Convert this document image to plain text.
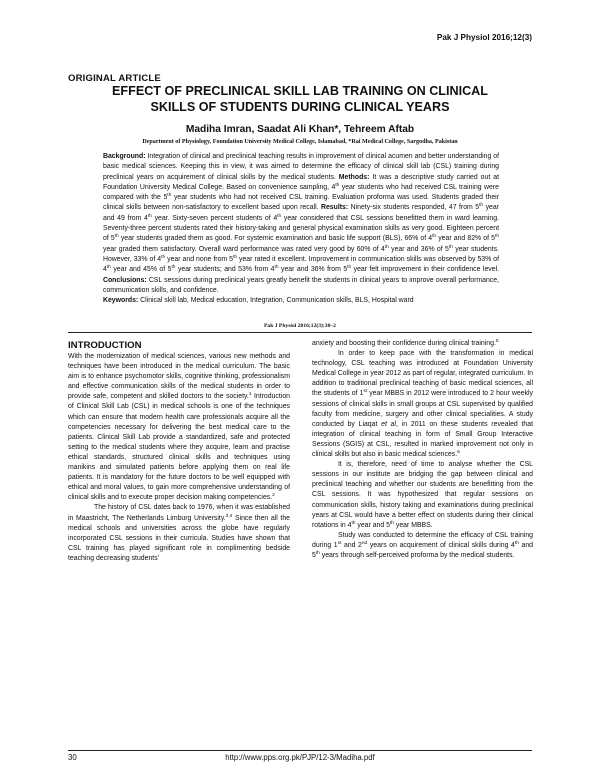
Pak J Physiol 2016;12(3)
ORIGINAL ARTICLE
EFFECT OF PRECLINICAL SKILL LAB TRAINING ON CLINICAL
SKILLS OF STUDENTS DURING CLINICAL YEARS
Madiha Imran, Saadat Ali Khan*, Tehreem Aftab
Department of Physiology, Foundation University Medical College, Islamabad, *Rai Medical College, Sargodha, Pakistan

Background: Integration of clinical and preclinical teaching results in improvement of clinical acumen and better understanding of basic medical sciences. Keeping this in view, it was aimed to determine the efficacy of clinical skill lab (CSL) training during preclinical years on acquirement of clinical skills by the medical students. Methods: It was a descriptive study carried out at Foundation University Medical College. Based on convenience sampling, 4th year students who had received CSL training were compared with the 5th year students who had not received CSL training. Evaluation proforma was used. Students graded their clinical skills between non-satisfactory to excellent based upon recall. Results: Ninety-six students responded, 47 from 5th year and 49 from 4th year. Sixty-seven percent students of 4th year considered that CSL sessions benefitted them in ward learning. Seventy-three percent students rated their history-taking and general physical examination skills as very good. Eighteen percent of 5th year students graded them as good. For systemic examination and basic life support (BLS), 66% of 4th year and 82% of 5th year graded them satisfactory. Overall ward performance was rated very good by 60% of 4th year and 36% of 5th year students. However, 33% of 4th year and none from 5th year rated it excellent. Improvement in communication skills was observed by 53% of 4th year and 45% of 5th year students; and 53% from 4th year and 36% from 5th year felt improvement in their confidence level. Conclusions: CSL sessions during preclinical years greatly benefit the students in clinical years to improve overall performance, communication skills, and confidence.

Keywords: Clinical skill lab, Medical education, Integration, Communication skills, BLS, Hospital ward

Pak J Physiol 2016;12(3):30–2
INTRODUCTION

With the modernization of medical sciences, various new methods and techniques have been introduced in the medical curriculum. The basic aim is to enhance psychomotor skills, cognitive thinking, professionalism and effective communication skills of the medical students in order to provide safe, competent and skilled doctors to the society.$^1$ Introduction of Clinical Skill Lab (CSL) in medical schools is one of the techniques which can ensure that modern health care professionals acquire all the competencies necessary for delivering the best medical care to the patients. Clinical Skill Lab provide a standardized, safe and protected setting to the medical students where they acquire, learn and practise ethical standards, structured clinical skills and techniques using manikins and simulated patients before applying them on real life patients. It is mandatory for the future doctors to be well equipped with ethical and moral values, to gain more comprehensive understanding of clinical skills and to execute proper decision making competencies.$^2$

The history of CSL dates back to 1976, when it was established in Maastricht, The Netherlands Limburg University.$^{3,4}$ Since then all the medical schools and universities across the globe have regularly incorporated CSL sessions in their curricula. Studies have shown that CSL training has played significant role in complimenting bedside teaching decreasing students'

anxiety and boosting their confidence during clinical training.$^5$

In order to keep pace with the transformation in medical technology, CSL teaching was introduced at Foundation University Medical College in year 2012 as part of regular, integrated curriculum. In addition to traditional preclinical teaching of basic medical sciences, all the students of 1st year MBBS in 2012 were introduced to 2 hour weekly sessions of clinical skills in small groups at CSL supervised by qualified faculty from medicine, surgery and other clinical specialities. A study conducted by Liaqat et al, in 2011 on these students revealed that integration of clinical teaching in form of Small Group Interactive Sessions (SGIS) at CSL, resulted in marked improvement not only in clinical skills but also in basic medical sciences.$^6$

It is, therefore, need of time to analyse whether the CSL sessions in our institute are bridging the gap between clinical and preclinical teaching and whether our students are benefitting from the CSL sessions. It was hypothesized that regular sessions on communication skills, history taking and examinations during preclinical years at CSL would have a better effect on students during their clinical rotations in 4th year and 5th year MBBS.

Study was conducted to determine the efficacy of CSL training during 1st and 2nd years on acquirement of clinical skills during 4th and 5th years through self-perceived proforma by the medical students.

30	http://www.pps.org.pk/PJP/12-3/Madiha.pdf
